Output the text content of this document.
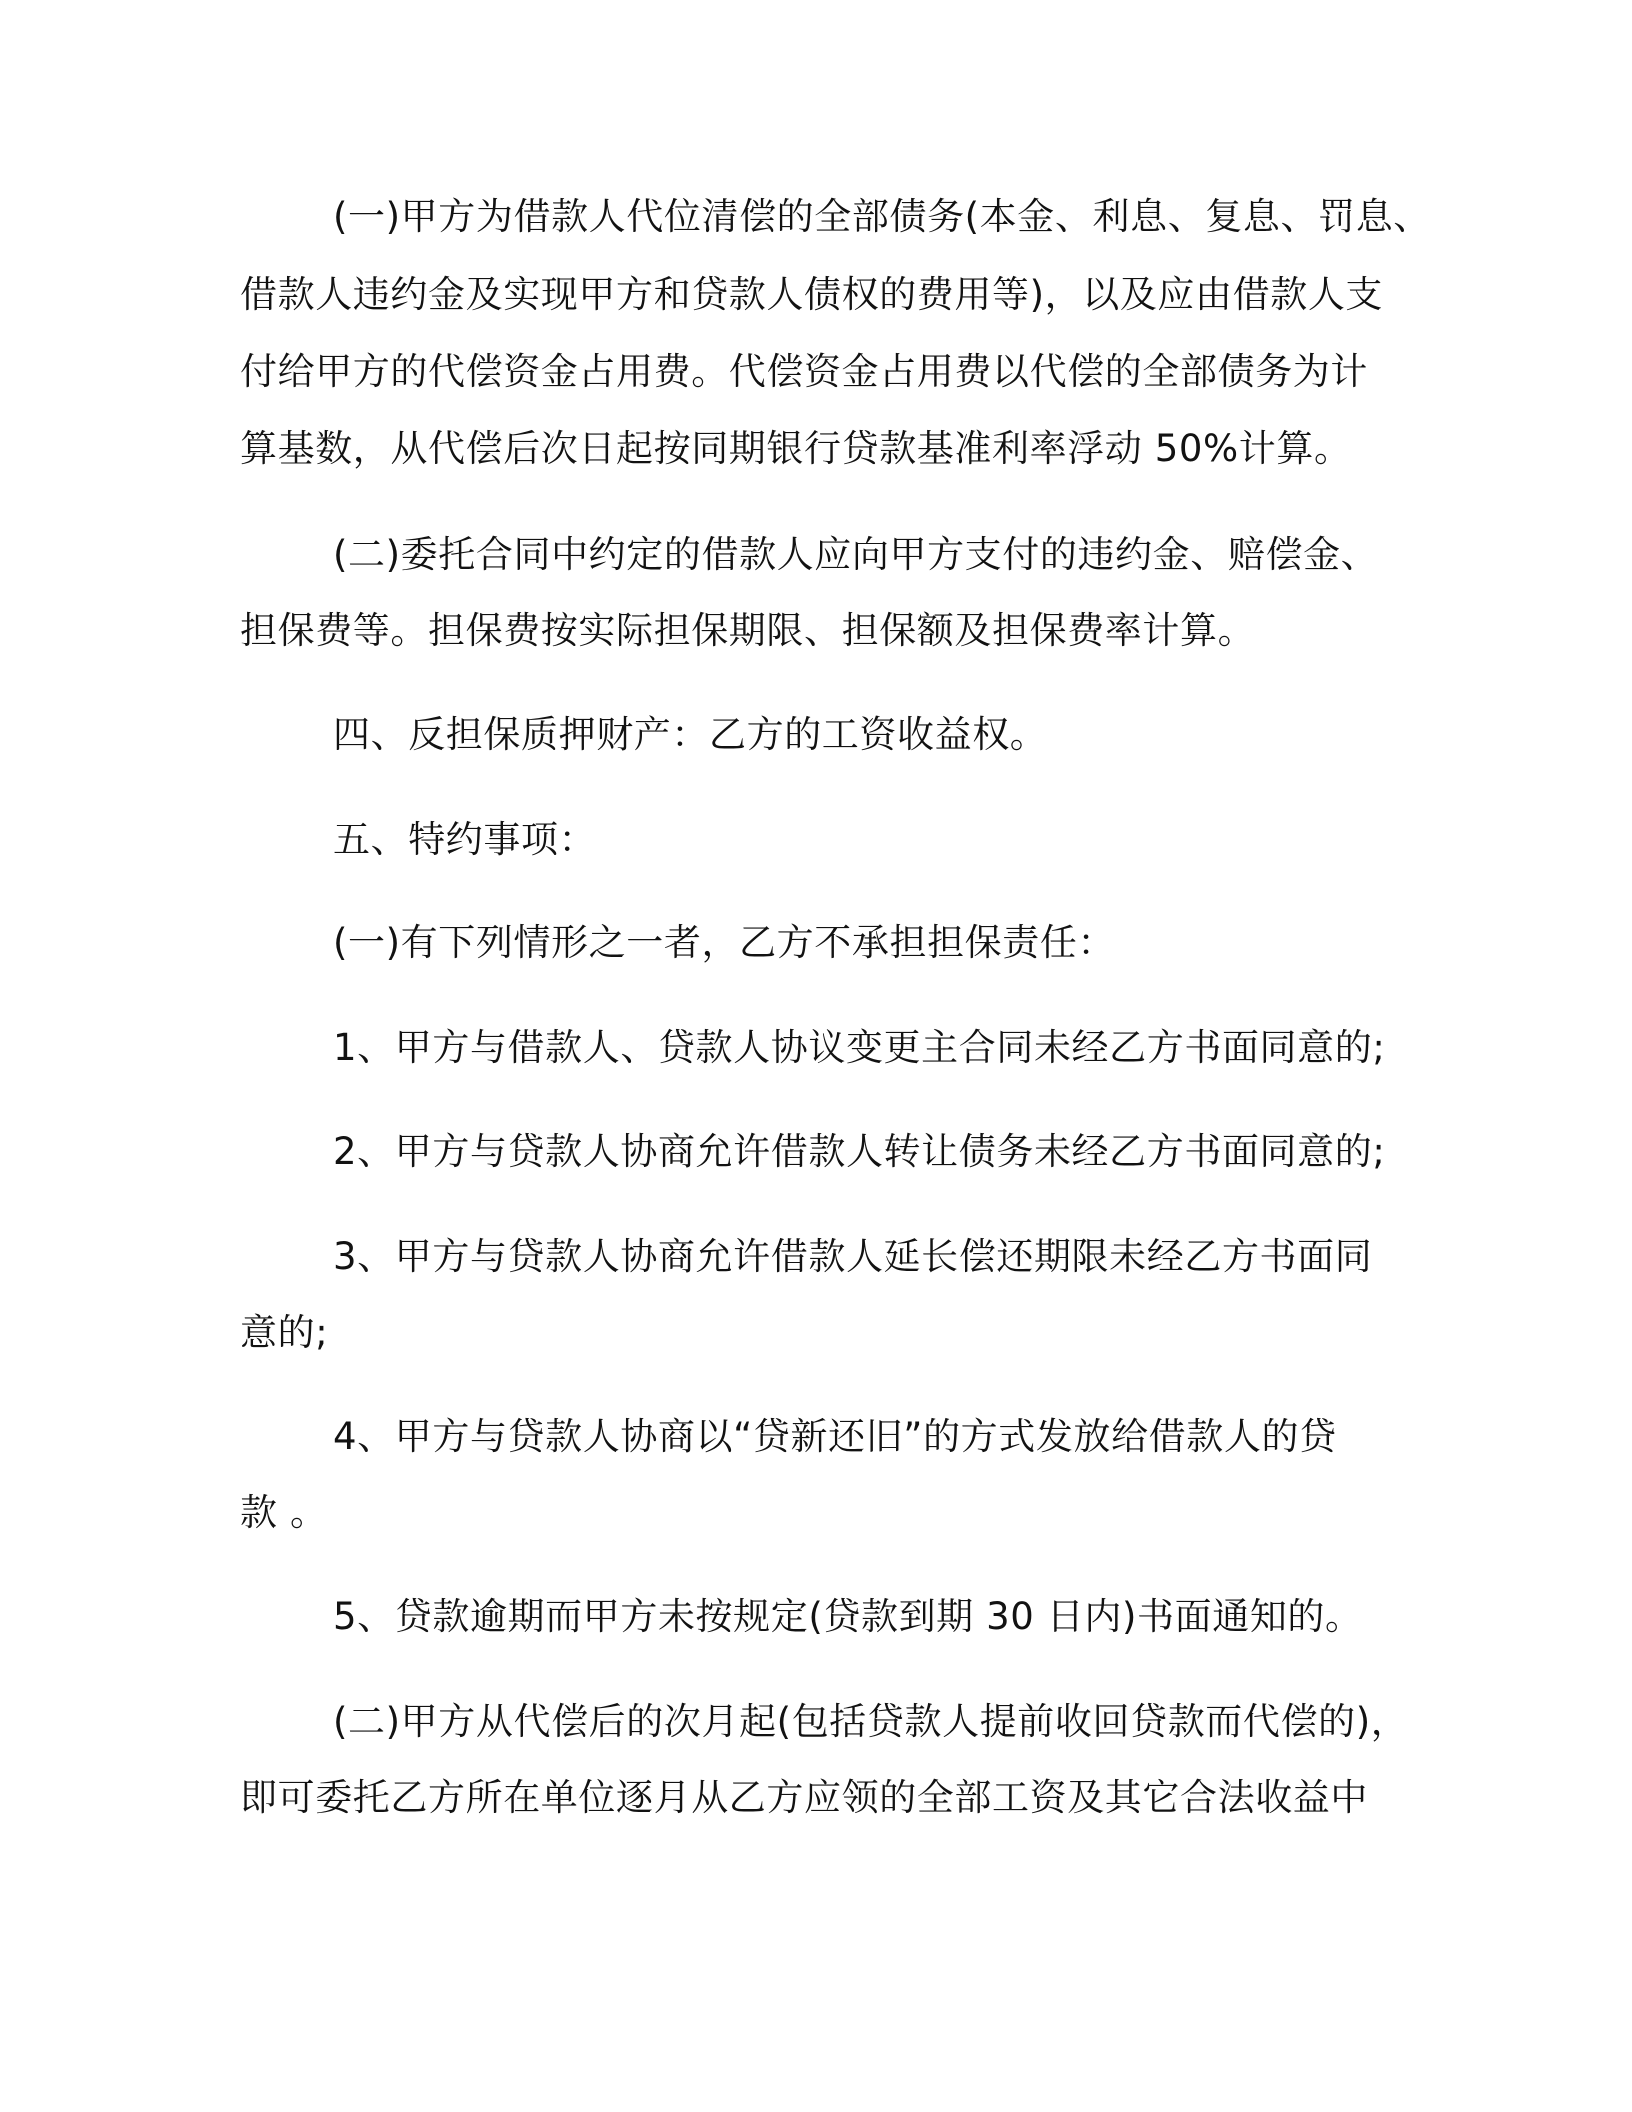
(一)甲方为借款人代位清偿的全部债务(本金、利息、复息、罚息、

借款人违约金及实现甲方和贷款人债权的费用等)，以及应由借款人支

付给甲方的代偿资金占用费。代偿资金占用费以代偿的全部债务为计

算基数，从代偿后次日起按同期银行贷款基准利率浮动 50%计算。

(二)委托合同中约定的借款人应向甲方支付的违约金、赔偿金、

担保费等。担保费按实际担保期限、担保额及担保费率计算。

四、反担保质押财产：乙方的工资收益权。

五、特约事项：

(一)有下列情形之一者，乙方不承担担保责任：

1、甲方与借款人、贷款人协议变更主合同未经乙方书面同意的;

2、甲方与贷款人协商允许借款人转让债务未经乙方书面同意的;

3、甲方与贷款人协商允许借款人延长偿还期限未经乙方书面同

意的;

4、甲方与贷款人协商以“贷新还旧”的方式发放给借款人的贷

款 。

5、贷款逾期而甲方未按规定(贷款到期 30 日内)书面通知的。

(二)甲方从代偿后的次月起(包括贷款人提前收回贷款而代偿的)，

即可委托乙方所在单位逐月从乙方应领的全部工资及其它合法收益中
